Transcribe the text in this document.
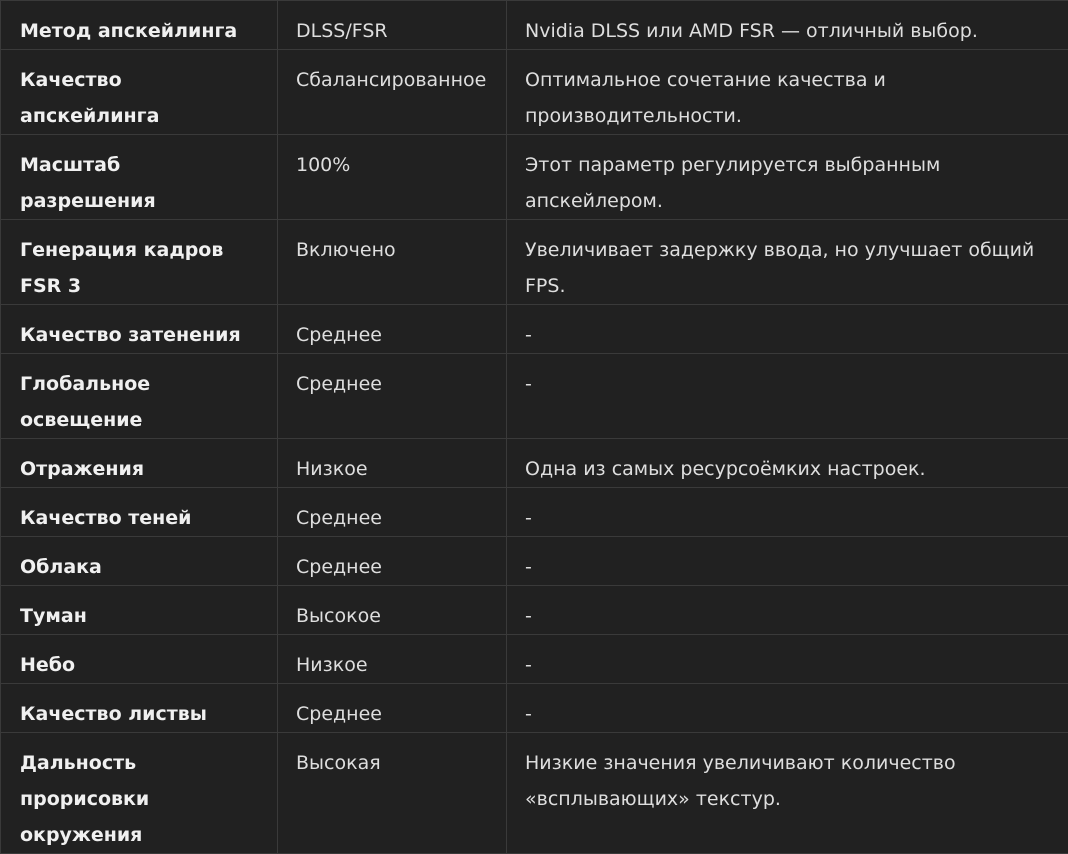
Метод апскейлинга	DLSS/FSR	Nvidia DLSS или AMD FSR — отличный выбор.
Качество апскейлинга	Сбалансированное	Оптимальное сочетание качества и производительности.
Масштаб разрешения	100%	Этот параметр регулируется выбранным апскейлером.
Генерация кадров FSR 3	Включено	Увеличивает задержку ввода, но улучшает общий FPS.
Качество затенения	Среднее	-
Глобальное освещение	Среднее	-
Отражения	Низкое	Одна из самых ресурсоёмких настроек.
Качество теней	Среднее	-
Облака	Среднее	-
Туман	Высокое	-
Небо	Низкое	-
Качество листвы	Среднее	-
Дальность прорисовки окружения	Высокая	Низкие значения увеличивают количество «всплывающих» текстур.
